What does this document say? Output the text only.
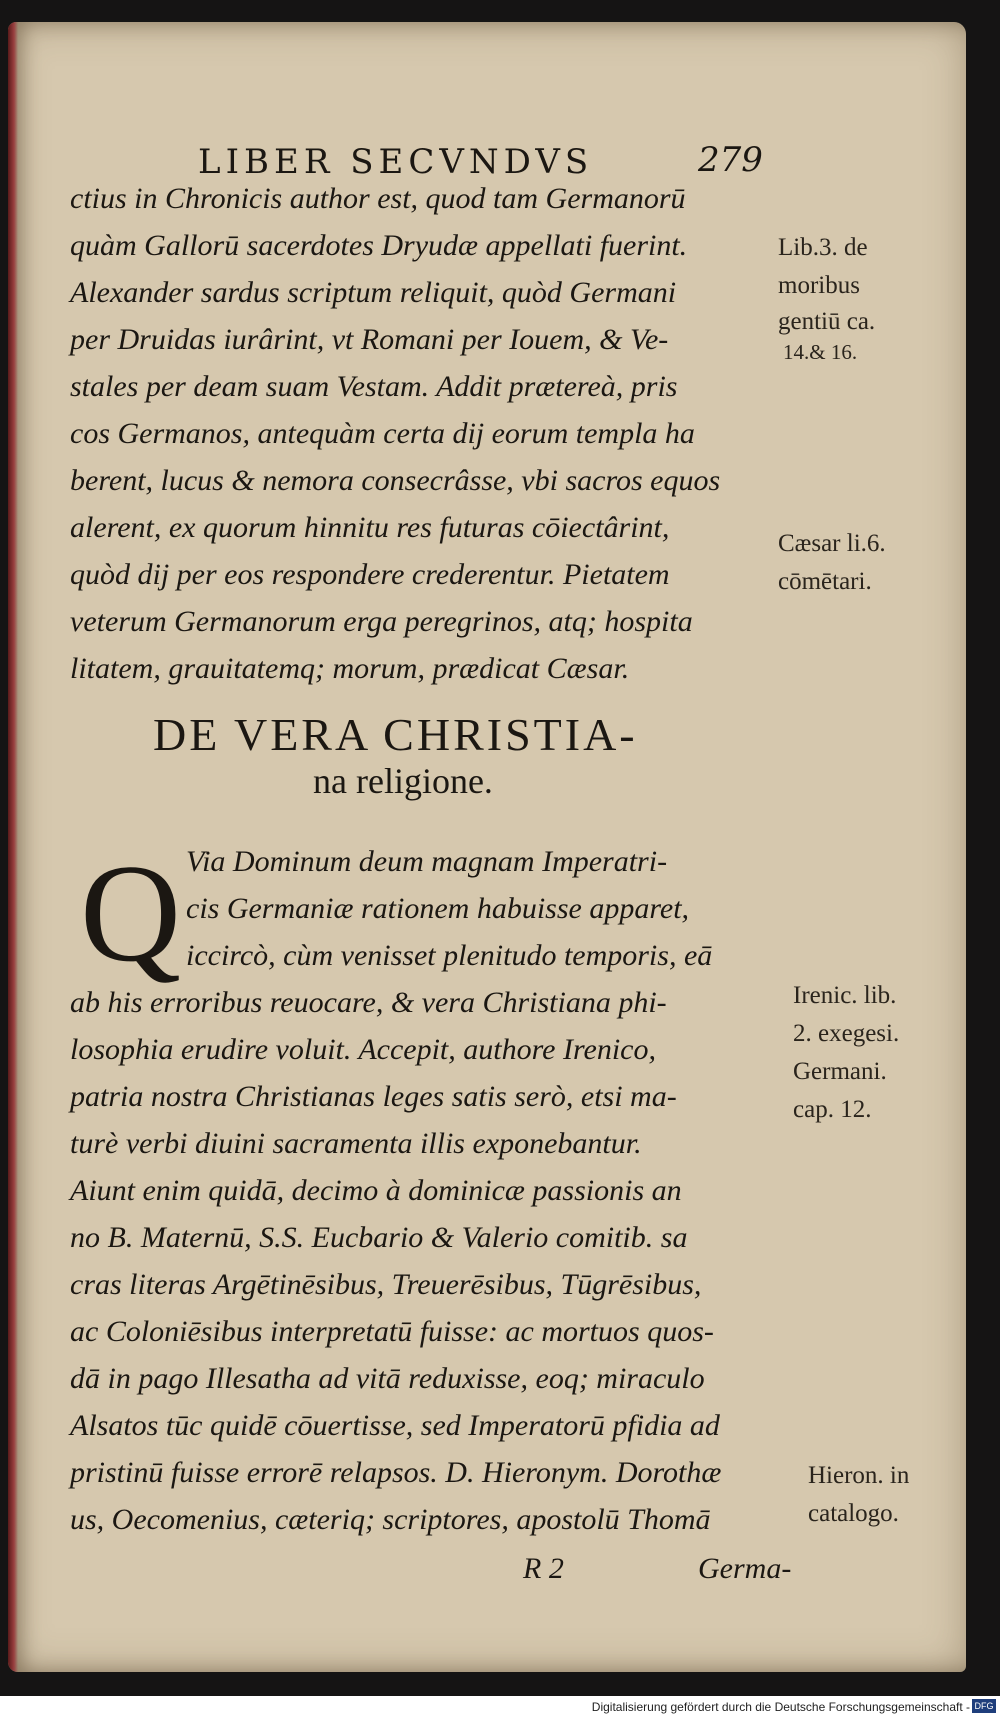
LIBER SECVNDVS	279
ctius in Chronicis author est, quod tam Germanorū
quàm Gallorū sacerdotes Dryudæ appellati fuerint.
Alexander sardus scriptum reliquit, quòd Germani
per Druidas iurârint, vt Romani per Iouem, & Ve-
stales per deam suam Vestam. Addit prætereà, pris
cos Germanos, antequàm certa dij eorum templa ha
berent, lucus & nemora consecrâsse, vbi sacros equos
alerent, ex quorum hinnitu res futuras cōiectârint,
quòd dij per eos respondere crederentur. Pietatem
veterum Germanorum erga peregrinos, atq; hospita
litatem, grauitatemq; morum, prædicat Cæsar.
Lib.3. de
moribus
gentiū ca.
14.& 16.
Cæsar li.6.
cōmētari.
DE VERA CHRISTIA-
na religione.
Q Via Dominum deum magnam Imperatri-
cis Germaniæ rationem habuisse apparet,
iccircò, cùm venisset plenitudo temporis, eā
ab his erroribus reuocare, & vera Christiana phi-
losophia erudire voluit. Accepit, authore Irenico,
patria nostra Christianas leges satis serò, etsi ma-
turè verbi diuini sacramenta illis exponebantur.
Aiunt enim quidā, decimo à dominicæ passionis an
no B. Maternū, S.S. Eucbario & Valerio comitib. sa
cras literas Argētinēsibus, Treuerēsibus, Tūgrēsibus,
ac Coloniēsibus interpretatū fuisse: ac mortuos quos-
dā in pago Illesatha ad vitā reduxisse, eoq; miraculo
Alsatos tūc quidē cōuertisse, sed Imperatorū pfidia ad
pristinū fuisse errorē relapsos. D. Hieronym. Dorothæ
us, Oecomenius, cæteriq; scriptores, apostolū Thomā
Irenic. lib.
2. exegesi.
Germani.
cap. 12.
Hieron. in
catalogo.
R 2	Germa-
Digitalisierung gefördert durch die Deutsche Forschungsgemeinschaft - DFG
